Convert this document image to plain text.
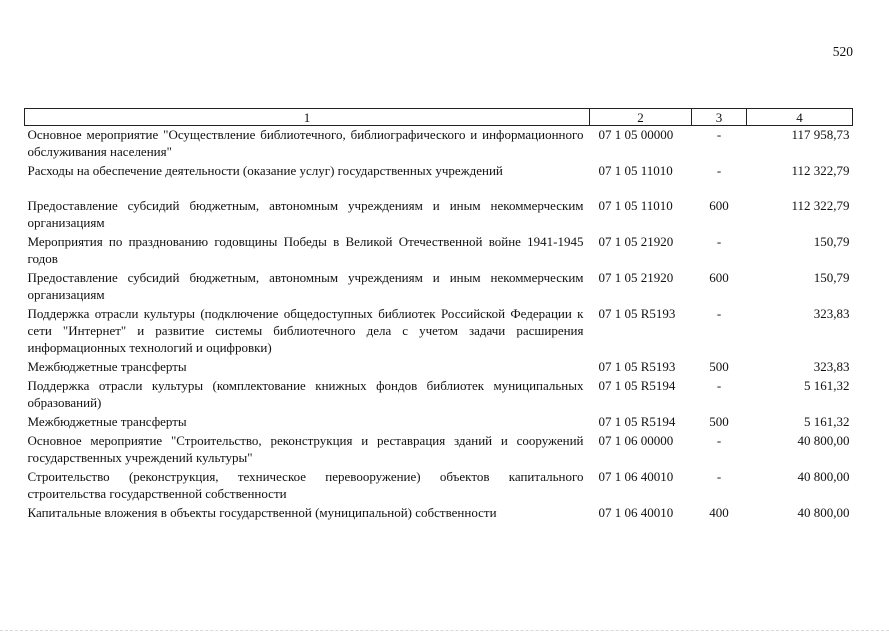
520
1	2	3	4
Основное мероприятие "Осуществление библиотечного, библиографического и информационного обслуживания населения"	07 1 05 00000	-	117 958,73
Расходы на обеспечение деятельности (оказание услуг) государственных учреждений	07 1 05 11010	-	112 322,79
Предоставление субсидий бюджетным, автономным учреждениям и иным некоммерческим организациям	07 1 05 11010	600	112 322,79
Мероприятия по празднованию годовщины Победы в Великой Отечественной войне 1941-1945 годов	07 1 05 21920	-	150,79
Предоставление субсидий бюджетным, автономным учреждениям и иным некоммерческим организациям	07 1 05 21920	600	150,79
Поддержка отрасли культуры (подключение общедоступных библиотек Российской Федерации к сети "Интернет" и развитие системы библиотечного дела с учетом задачи расширения информационных технологий и оцифровки)	07 1 05 R5193	-	323,83
Межбюджетные трансферты	07 1 05 R5193	500	323,83
Поддержка отрасли культуры (комплектование книжных фондов библиотек муниципальных образований)	07 1 05 R5194	-	5 161,32
Межбюджетные трансферты	07 1 05 R5194	500	5 161,32
Основное мероприятие "Строительство, реконструкция и реставрация зданий и сооружений государственных учреждений культуры"	07 1 06 00000	-	40 800,00
Строительство (реконструкция, техническое перевооружение) объектов капитального строительства государственной собственности	07 1 06 40010	-	40 800,00
Капитальные вложения в объекты государственной (муниципальной) собственности	07 1 06 40010	400	40 800,00
